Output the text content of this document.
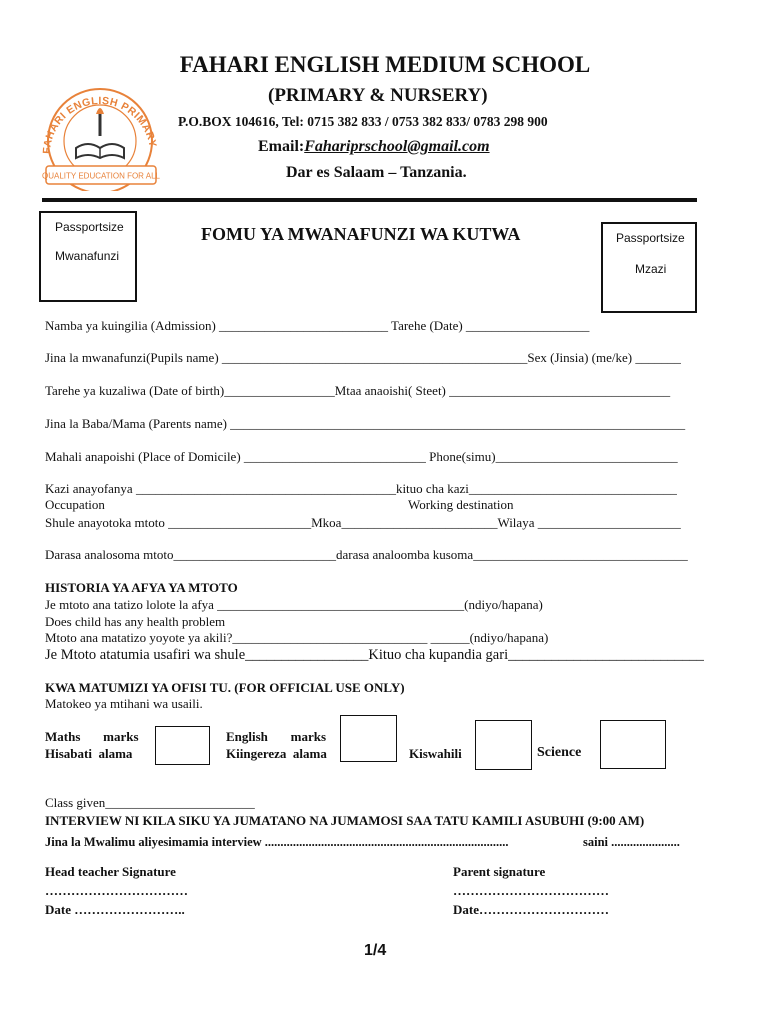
FAHARI ENGLISH PRIMARY
QUALITY EDUCATION FOR ALL
FAHARI ENGLISH MEDIUM SCHOOL
(PRIMARY & NURSERY)
P.O.BOX 104616, Tel: 0715 382 833 / 0753 382 833/ 0783 298 900
Email:Fahariprschool@gmail.com
Dar es Salaam – Tanzania.
Passportsize
Mwanafunzi
Passportsize
Mzazi
FOMU YA MWANAFUNZI WA KUTWA
Namba ya kuingilia (Admission) __________________________ Tarehe (Date) ___________________
Jina la mwanafunzi(Pupils name) _______________________________________________Sex (Jinsia) (me/ke) _______
Tarehe ya kuzaliwa (Date of birth)_________________Mtaa anaoishi( Steet) __________________________________
Jina la Baba/Mama (Parents name) ______________________________________________________________________
Mahali anapoishi (Place of Domicile) ____________________________ Phone(simu)____________________________
Kazi anayofanya ________________________________________kituo cha kazi________________________________
Occupation	Working destination
Shule anayotoka mtoto ______________________Mkoa________________________Wilaya ______________________
Darasa analosoma mtoto_________________________darasa analoomba kusoma_________________________________
HISTORIA YA AFYA YA MTOTO
Je mtoto ana tatizo lolote la afya ______________________________________(ndiyo/hapana)
Does child has any health problem
Mtoto ana matatizo yoyote ya akili?______________________________ ______(ndiyo/hapana)
Je Mtoto atatumia usafiri wa shule_________________Kituo cha kupandia gari___________________________
KWA MATUMIZI YA OFISI TU. (FOR OFFICIAL USE ONLY)
Matokeo ya mtihani wa usaili.
Maths       marks
Hisabati  alama
English       marks
Kiingereza  alama	Kiswahili	Science
Class given_______________________
INTERVIEW NI KILA SIKU YA JUMATANO NA JUMAMOSI SAA TATU KAMILI ASUBUHI (9:00 AM)
Jina la Mwalimu aliyesimamia interview ..............................................................................	saini ......................
Head teacher Signature
……………………………
Date ……………………..
Parent signature
………………………………
Date…………………………
1/4
